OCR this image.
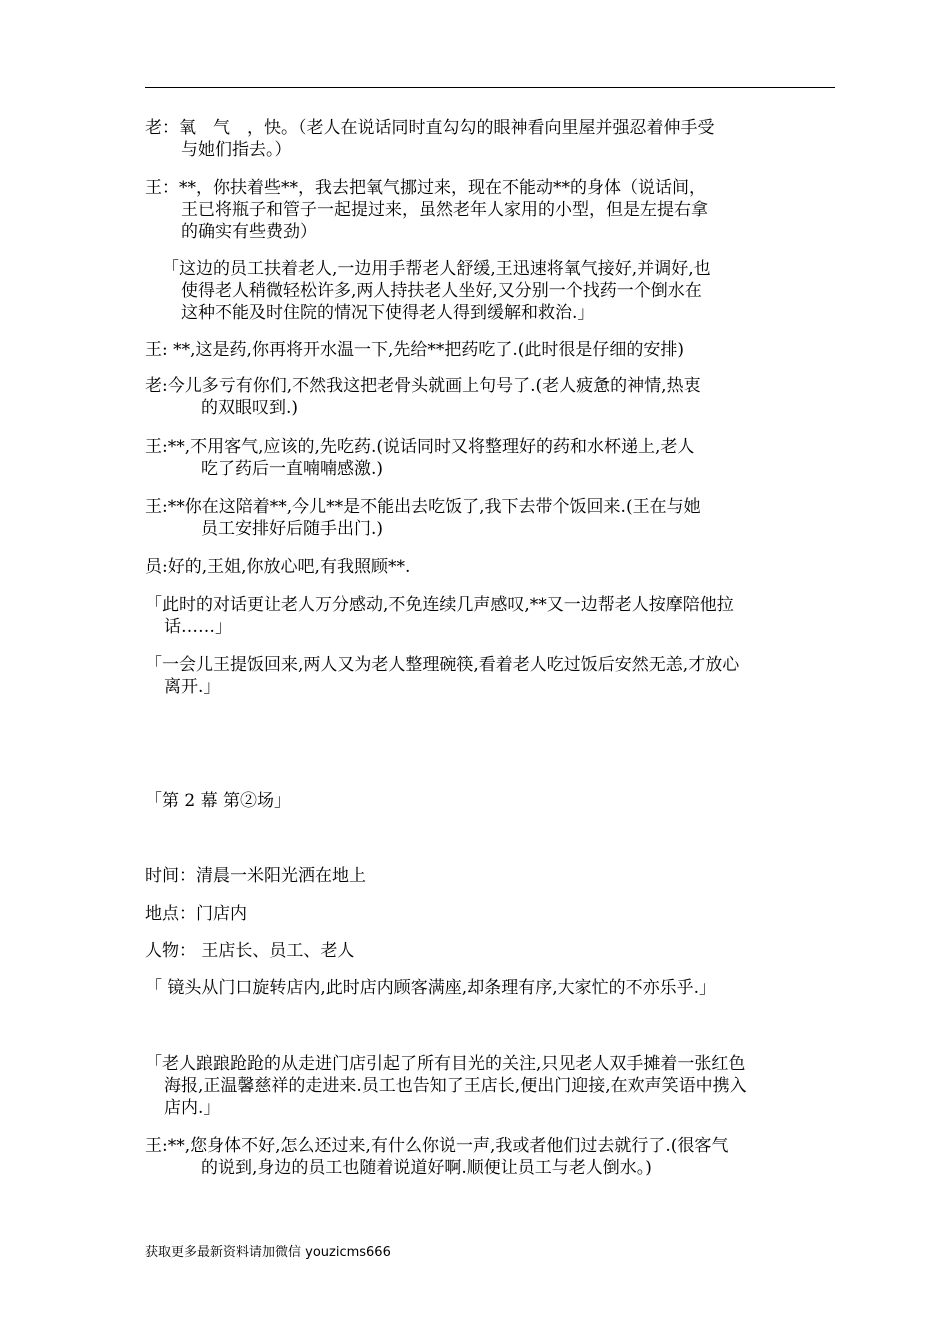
老：氧　气　，快。（老人在说话同时直勾勾的眼神看向里屋并强忍着伸手受
与她们指去。）
王：**，你扶着些**，我去把氧气挪过来，现在不能动**的身体（说话间，
王已将瓶子和管子一起提过来，虽然老年人家用的小型，但是左提右拿
的确实有些费劲）
「这边的员工扶着老人,一边用手帮老人舒缓,王迅速将氧气接好,并调好,也
使得老人稍微轻松许多,两人持扶老人坐好,又分别一个找药一个倒水在
这种不能及时住院的情况下使得老人得到缓解和救治.」
王: **,这是药,你再将开水温一下,先给**把药吃了.(此时很是仔细的安排)
老:今儿多亏有你们,不然我这把老骨头就画上句号了.(老人疲惫的神情,热衷
的双眼叹到.)
王:**,不用客气,应该的,先吃药.(说话同时又将整理好的药和水杯递上,老人
吃了药后一直喃喃感激.)
王:**你在这陪着**,今儿**是不能出去吃饭了,我下去带个饭回来.(王在与她
员工安排好后随手出门.)
员:好的,王姐,你放心吧,有我照顾**.
「此时的对话更让老人万分感动,不免连续几声感叹,**又一边帮老人按摩陪他拉
话……」
「一会儿王提饭回来,两人又为老人整理碗筷,看着老人吃过饭后安然无恙,才放心
离开.」
「第 2 幕 第②场」
时间：清晨一米阳光洒在地上
地点：门店内
人物： 王店长、员工、老人
「 镜头从门口旋转店内,此时店内顾客满座,却条理有序,大家忙的不亦乐乎.」
「老人踉踉跄跄的从走进门店引起了所有目光的关注,只见老人双手摊着一张红色
海报,正温馨慈祥的走进来.员工也告知了王店长,便出门迎接,在欢声笑语中携入
店内.」
王:**,您身体不好,怎么还过来,有什么你说一声,我或者他们过去就行了.(很客气
的说到,身边的员工也随着说道好啊.顺便让员工与老人倒水。)
获取更多最新资料请加微信 youzicms666
